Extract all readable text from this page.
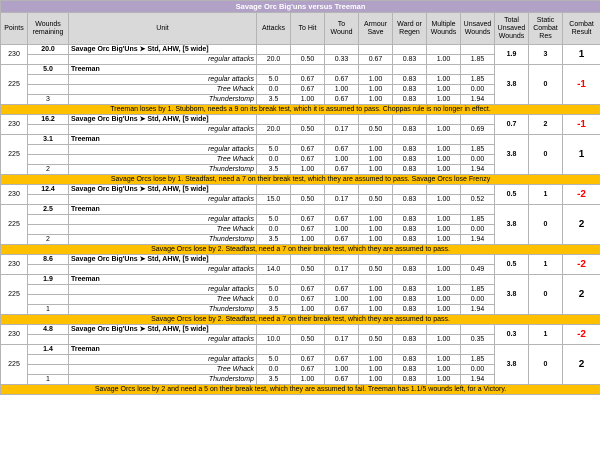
Savage Orc Big'uns versus Treeman												
Points	Wounds remaining	Unit	Attacks	To Hit	To Wound	Armour Save	Ward or Regen	Multiple Wounds	Unsaved Wounds	Total Unsaved Wounds	Static Combat Res	Combat Result
230	20.0	Savage Orc Big'Uns ➤ Std, AHW, [5 wide]								1.9	3	1
		regular attacks	20.0	0.50	0.33	0.67	0.83	1.00	1.85			
225	5.0	Treeman								3.8	0	-1
		regular attacks	5.0	0.67	0.67	1.00	0.83	1.00	1.85			
		Tree Whack	0.0	0.67	1.00	1.00	0.83	1.00	0.00			
	3	Thunderstomp	3.5	1.00	0.67	1.00	0.83	1.00	1.94			
Treeman loses by 1. Stubborn, needs a 9 on its break test, which it is assumed to pass. Choppas rule is no longer in effect.												
230	16.2	Savage Orc Big'Uns ➤ Std, AHW, [5 wide]								0.7	2	-1
		regular attacks	20.0	0.50	0.17	0.50	0.83	1.00	0.69			
225	3.1	Treeman								3.8	0	1
		regular attacks	5.0	0.67	0.67	1.00	0.83	1.00	1.85			
		Tree Whack	0.0	0.67	1.00	1.00	0.83	1.00	0.00			
	2	Thunderstomp	3.5	1.00	0.67	1.00	0.83	1.00	1.94			
Savage Orcs lose by 1. Steadfast, need a 7 on their break test, which they are assumed to pass. Savage Orcs lose Frenzy												
230	12.4	Savage Orc Big'Uns ➤ Std, AHW, [5 wide]								0.5	1	-2
		regular attacks	15.0	0.50	0.17	0.50	0.83	1.00	0.52			
225	2.5	Treeman								3.8	0	2
		regular attacks	5.0	0.67	0.67	1.00	0.83	1.00	1.85			
		Tree Whack	0.0	0.67	1.00	1.00	0.83	1.00	0.00			
	2	Thunderstomp	3.5	1.00	0.67	1.00	0.83	1.00	1.94			
Savage Orcs lose by 2. Steadfast, need a 7 on their break test, which they are assumed to pass.												
230	8.6	Savage Orc Big'Uns ➤ Std, AHW, [5 wide]								0.5	1	-2
		regular attacks	14.0	0.50	0.17	0.50	0.83	1.00	0.49			
225	1.9	Treeman								3.8	0	2
		regular attacks	5.0	0.67	0.67	1.00	0.83	1.00	1.85			
		Tree Whack	0.0	0.67	1.00	1.00	0.83	1.00	0.00			
	1	Thunderstomp	3.5	1.00	0.67	1.00	0.83	1.00	1.94			
Savage Orcs lose by 2. Steadfast, need a 7 on their break test, which they are assumed to pass.												
230	4.8	Savage Orc Big'Uns ➤ Std, AHW, [5 wide]								0.3	1	-2
		regular attacks	10.0	0.50	0.17	0.50	0.83	1.00	0.35			
225	1.4	Treeman								3.8	0	2
		regular attacks	5.0	0.67	0.67	1.00	0.83	1.00	1.85			
		Tree Whack	0.0	0.67	1.00	1.00	0.83	1.00	0.00			
	1	Thunderstomp	3.5	1.00	0.67	1.00	0.83	1.00	1.94			
Savage Orcs lose by 2 and need a 5 on their break test, which they are assumed to fail. Treeman has 1.1/5 wounds left, for a Victory.												
